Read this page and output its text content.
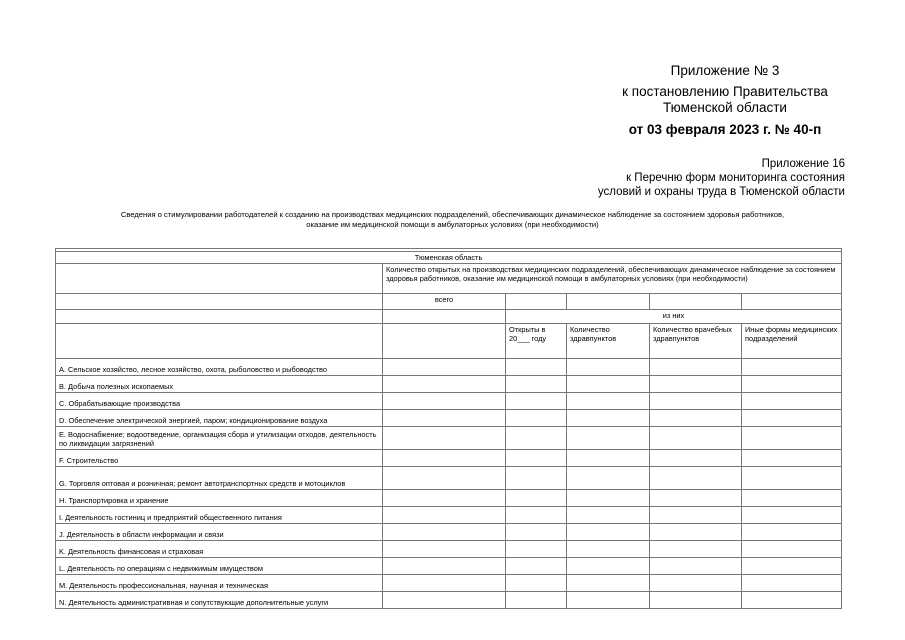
Приложение № 3
к постановлению Правительства
Тюменской области
от 03 февраля 2023 г. № 40-п
Приложение 16
к Перечню форм мониторинга состояния
условий и охраны труда в Тюменской области
Сведения о стимулировании работодателей к созданию на производствах медицинских подразделений, обеспечивающих динамическое наблюдение за состоянием здоровья работников,
оказание им медицинской помощи в амбулаторных условиях (при необходимости)

Тюменская область					
	Количество открытых на производствах медицинских подразделений, обеспечивающих динамическое наблюдение за состоянием здоровья работников, оказание им медицинской помощи в амбулаторных условиях (при необходимости)				
	всего				
		из них			
		Открыты в 20___ году	Количество здравпунктов	Количество врачебных здравпунктов	Иные формы медицинских подразделений
A. Сельское хозяйство, лесное хозяйство, охота, рыболовство и рыбоводство					
B. Добыча полезных ископаемых					
C. Обрабатывающие производства					
D. Обеспечение электрической энергией, паром; кондиционирование воздуха					
E. Водоснабжение; водоотведение, организация сбора и утилизации отходов, деятельность по ликвидации загрязнений					
F. Строительство					
G. Торговля оптовая и розничная; ремонт автотранспортных средств и мотоциклов					
H. Транспортировка и хранение					
I. Деятельность гостиниц и предприятий общественного питания					
J. Деятельность в области информации и связи					
K. Деятельность финансовая и страховая					
L. Деятельность по операциям с недвижимым имуществом					
M. Деятельность профессиональная, научная и техническая					
N. Деятельность административная и сопутствующие дополнительные услуги					
